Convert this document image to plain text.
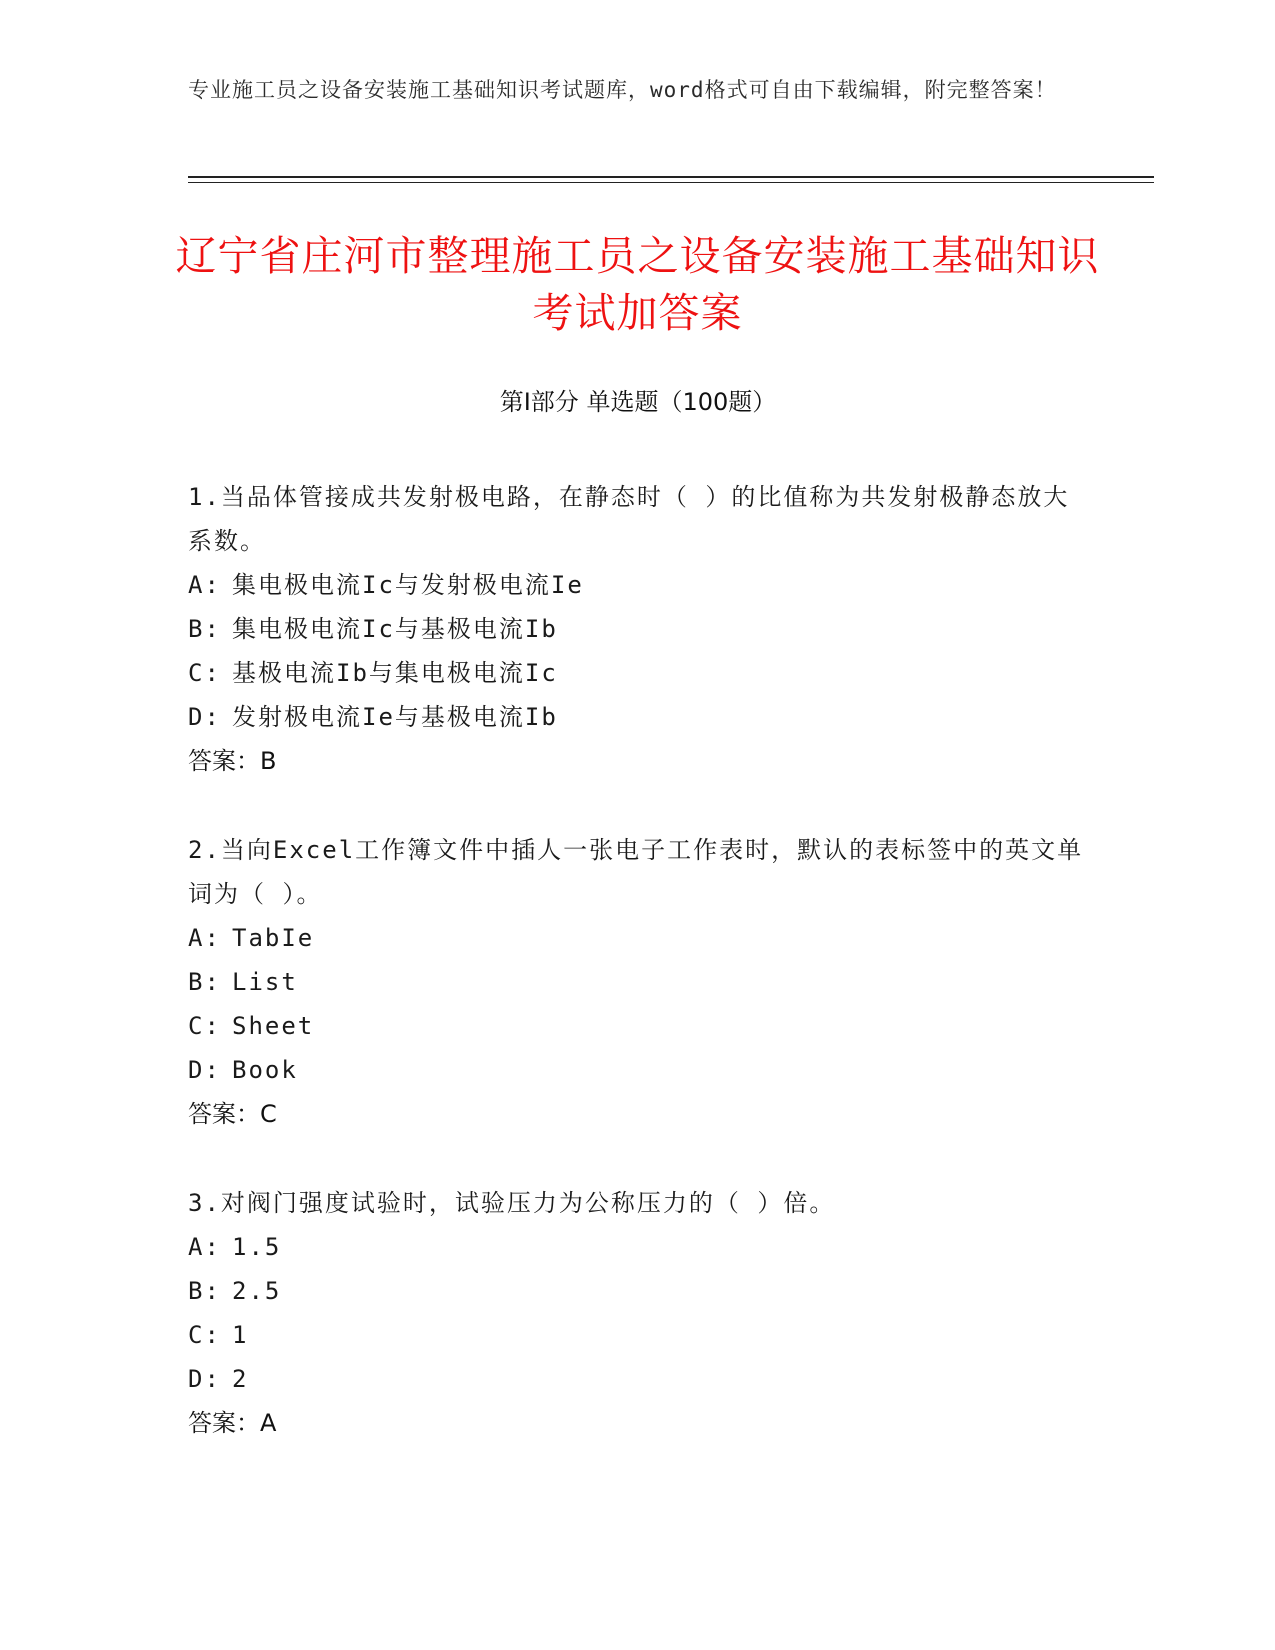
专业施工员之设备安装施工基础知识考试题库，word格式可自由下载编辑，附完整答案！
辽宁省庄河市整理施工员之设备安装施工基础知识考试加答案
第Ⅰ部分 单选题（100题）
1.当品体管接成共发射极电路，在静态时（ ）的比值称为共发射极静态放大系数。
A: 集电极电流Ic与发射极电流Ie
B: 集电极电流Ic与基极电流Ib
C: 基极电流Ib与集电极电流Ic
D: 发射极电流Ie与基极电流Ib
答案： B
2.当向Excel工作簿文件中插人一张电子工作表时，默认的表标签中的英文单词为（ ）。
A: TabIe
B: List
C: Sheet
D: Book
答案： C
3.对阀门强度试验时，试验压力为公称压力的（ ）倍。
A: 1.5
B: 2.5
C: 1
D: 2
答案： A
